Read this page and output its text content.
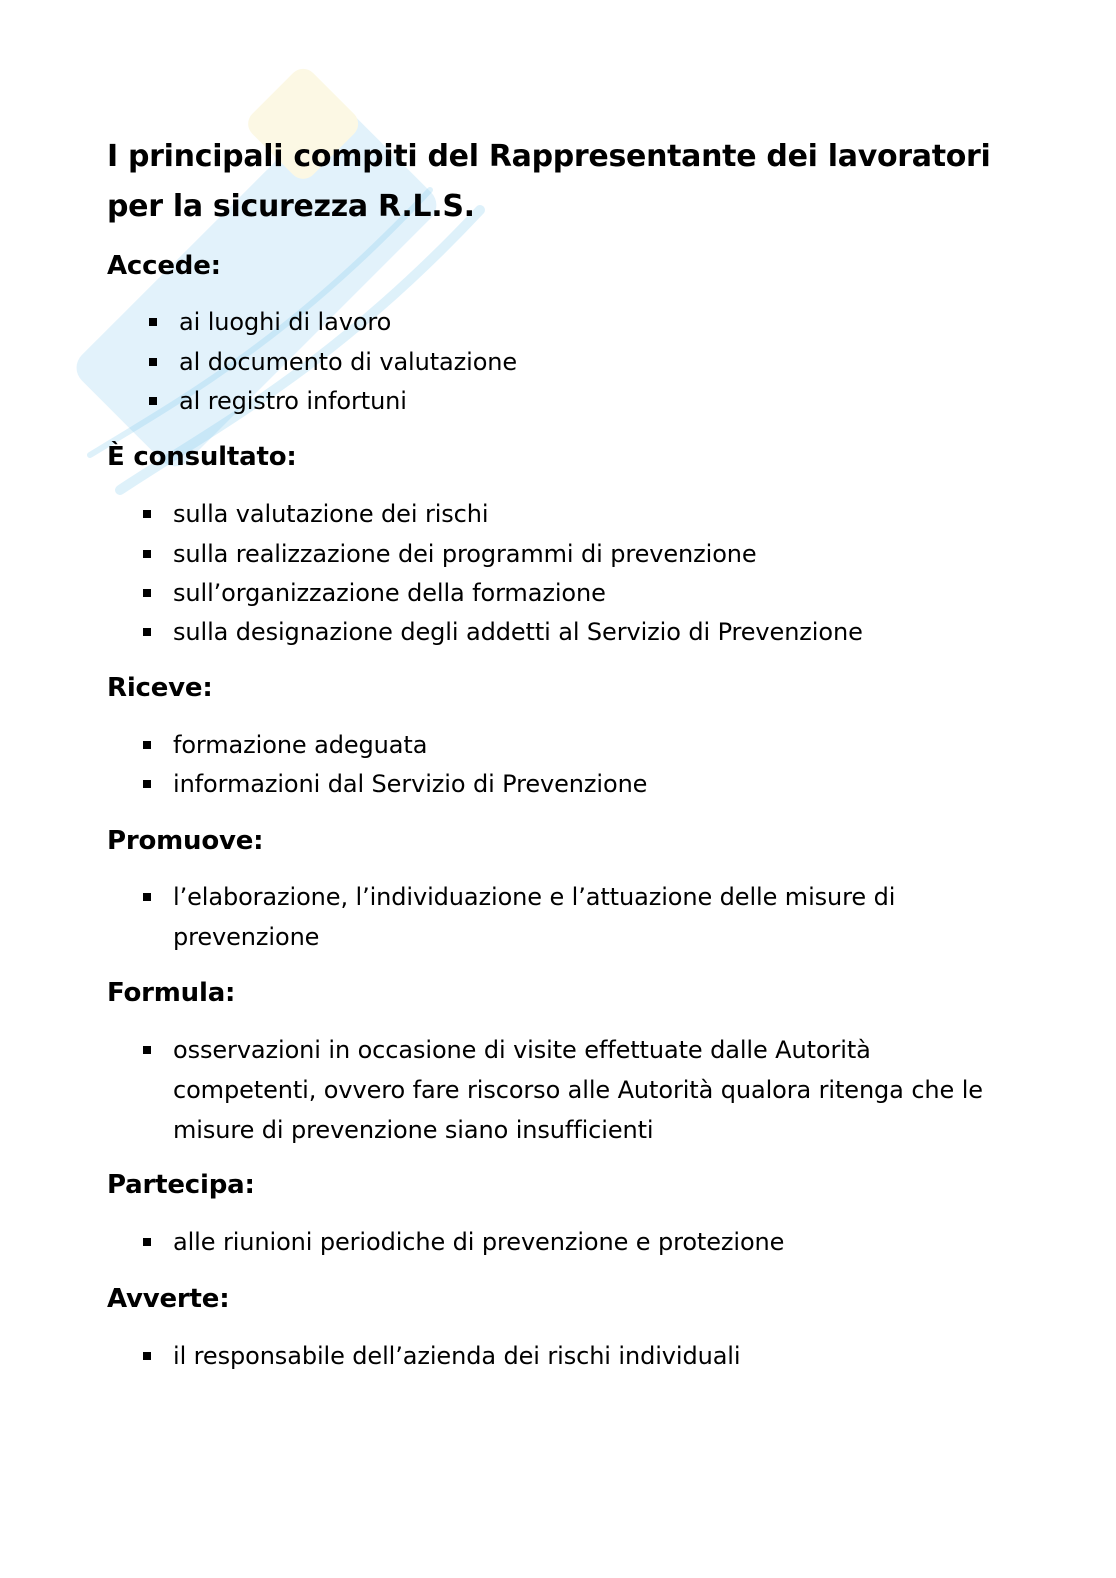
I principali compiti del Rappresentante dei lavoratori per la sicurezza R.L.S.
Accede:

ai luoghi di lavoro

al documento di valutazione

al registro infortuni

È consultato:

sulla valutazione dei rischi

sulla realizzazione dei programmi di prevenzione

sull’organizzazione della formazione

sulla designazione degli addetti al Servizio di Prevenzione

Riceve:

formazione adeguata

informazioni dal Servizio di Prevenzione

Promuove:

l’elaborazione, l’individuazione e l’attuazione delle misure di prevenzione

Formula:

osservazioni in occasione di visite effettuate dalle Autorità competenti, ovvero fare riscorso alle Autorità qualora ritenga che le misure di prevenzione siano insufficienti

Partecipa:

alle riunioni periodiche di prevenzione e protezione

Avverte:

il responsabile dell’azienda dei rischi individuali
